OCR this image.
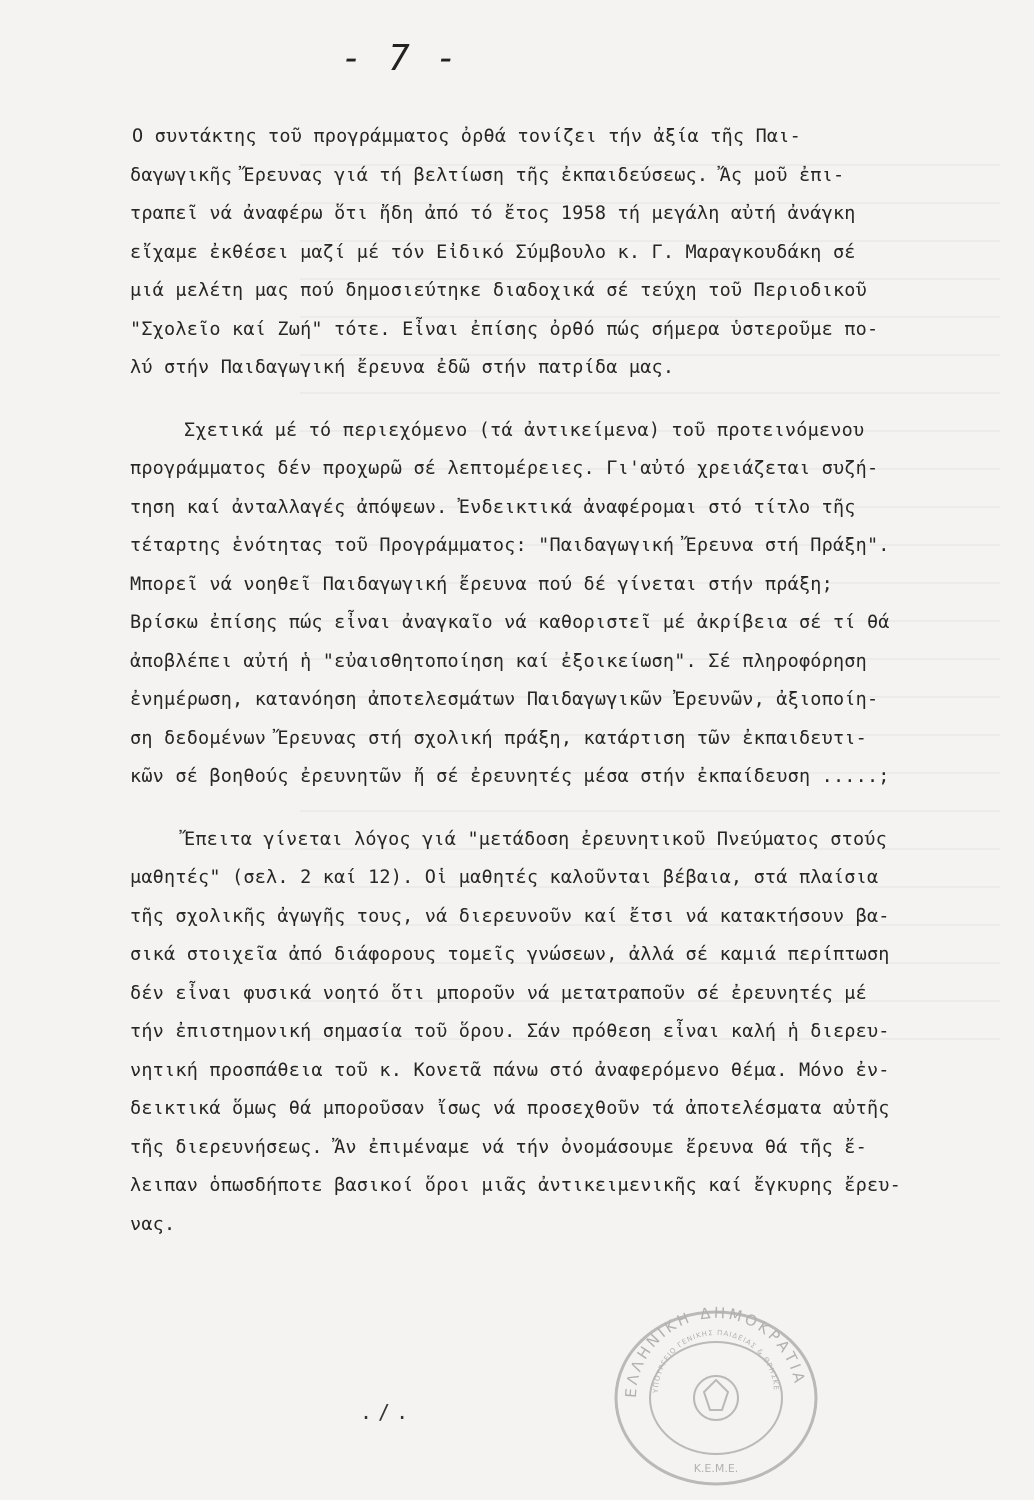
- 7 -
Ο συντάκτης τοῦ προγράμματος ὀρθά τονίζει τήν ἀξία τῆς Παι-
δαγωγικῆς Ἔρευνας γιά τή βελτίωση τῆς ἐκπαιδεύσεως. Ἄς μοῦ ἐπι-
τραπεῖ νά ἀναφέρω ὅτι ἤδη ἀπό τό ἔτος 1958 τή μεγάλη αὐτή ἀνάγκη
εἴχαμε ἐκθέσει μαζί μέ τόν Εἰδικό Σύμβουλο κ. Γ. Μαραγκουδάκη σέ
μιά μελέτη μας πού δημοσιεύτηκε διαδοχικά σέ τεύχη τοῦ Περιοδικοῦ
"Σχολεῖο καί Ζωή" τότε. Εἶναι ἐπίσης ὀρθό πώς σήμερα ὑστεροῦμε πο-
λύ στήν Παιδαγωγική ἔρευνα ἐδῶ στήν πατρίδα μας.
Σχετικά μέ τό περιεχόμενο (τά ἀντικείμενα) τοῦ προτεινόμενου
προγράμματος δέν προχωρῶ σέ λεπτομέρειες. Γι'αὐτό χρειάζεται συζή-
τηση καί ἀνταλλαγές ἀπόψεων. Ἐνδεικτικά ἀναφέρομαι στό τίτλο τῆς
τέταρτης ἑνότητας τοῦ Προγράμματος: "Παιδαγωγική Ἔρευνα στή Πράξη".
Μπορεῖ νά νοηθεῖ Παιδαγωγική ἔρευνα πού δέ γίνεται στήν πράξη;
Βρίσκω ἐπίσης πώς εἶναι ἀναγκαῖο νά καθοριστεῖ μέ ἀκρίβεια σέ τί θά
ἀποβλέπει αὐτή ἡ "εὐαισθητοποίηση καί ἐξοικείωση". Σέ πληροφόρηση
ἐνημέρωση, κατανόηση ἀποτελεσμάτων Παιδαγωγικῶν Ἐρευνῶν, ἀξιοποίη-
ση δεδομένων Ἔρευνας στή σχολική πράξη, κατάρτιση τῶν ἐκπαιδευτι-
κῶν σέ βοηθούς ἐρευνητῶν ἤ σέ ἐρευνητές μέσα στήν ἐκπαίδευση .....;
Ἔπειτα γίνεται λόγος γιά "μετάδοση ἐρευνητικοῦ Πνεύματος στούς
μαθητές" (σελ. 2 καί 12). Οἱ μαθητές καλοῦνται βέβαια, στά πλαίσια
τῆς σχολικῆς ἀγωγῆς τους, νά διερευνοῦν καί ἔτσι νά κατακτήσουν βα-
σικά στοιχεῖα ἀπό διάφορους τομεῖς γνώσεων, ἀλλά σέ καμιά περίπτωση
δέν εἶναι φυσικά νοητό ὅτι μποροῦν νά μετατραποῦν σέ ἐρευνητές μέ
τήν ἐπιστημονική σημασία τοῦ ὅρου. Σάν πρόθεση εἶναι καλή ἡ διερευ-
νητική προσπάθεια τοῦ κ. Κονετᾶ πάνω στό ἀναφερόμενο θέμα. Μόνο ἐν-
δεικτικά ὅμως θά μποροῦσαν ἴσως νά προσεχθοῦν τά ἀποτελέσματα αὐτῆς
τῆς διερευνήσεως. Ἄν ἐπιμέναμε νά τήν ὀνομάσουμε ἔρευνα θά τῆς ἔ-
λειπαν ὁπωσδήποτε βασικοί ὅροι μιᾶς ἀντικειμενικῆς καί ἔγκυρης ἔρευ-
νας.
./.
ΕΛΛΗΝΙΚΗ ΔΗΜΟΚΡΑΤΙΑ
ΥΠΟΥΡΓΕΙΟ ΓΕΝΙΚΗΣ ΠΑΙΔΕΙΑΣ & ΘΡΗΣΚΕ
Κ.Ε.Μ.Ε.
